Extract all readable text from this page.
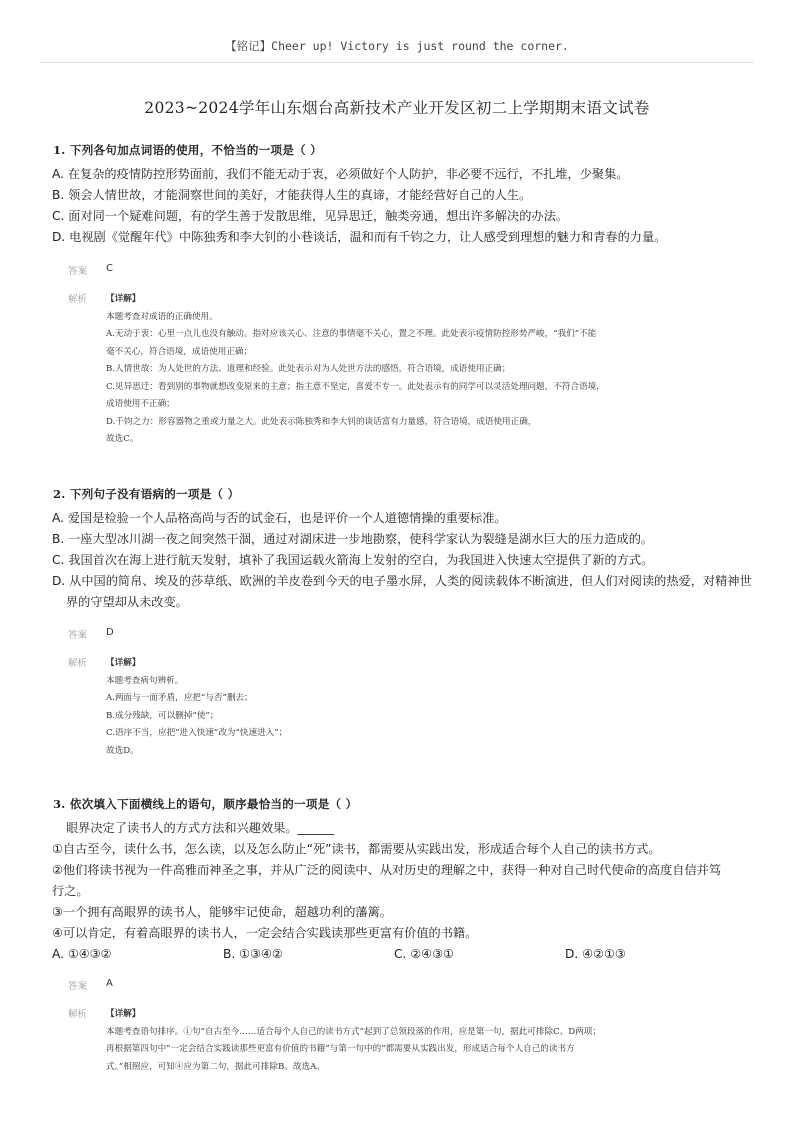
【铭记】Cheer up! Victory is just round the corner.
2023~2024学年山东烟台高新技术产业开发区初二上学期期末语文试卷
1. 下列各句加点词语的使用，不恰当的一项是（ ）
A. 在复杂的疫情防控形势面前，我们不能无动于衷，必须做好个人防护，非必要不远行，不扎堆，少聚集。
B. 领会人情世故，才能洞察世间的美好，才能获得人生的真谛，才能经营好自己的人生。
C. 面对同一个疑难问题，有的学生善于发散思维，见异思迁，触类旁通，想出许多解决的办法。
D. 电视剧《觉醒年代》中陈独秀和李大钊的小巷谈话，温和而有千钧之力，让人感受到理想的魅力和青春的力量。
答案	C
解析	【详解】
本题考查对成语的正确使用。
A.无动于衷：心里一点儿也没有触动。指对应该关心、注意的事情毫不关心，置之不理。此处表示疫情防控形势严峻，“我们”不能
毫不关心，符合语境，成语使用正确；
B.人情世故：为人处世的方法、道理和经验。此处表示对为人处世方法的感悟，符合语境，成语使用正确；
C.见异思迁：看到别的事物就想改变原来的主意；指主意不坚定，喜爱不专一。此处表示有的同学可以灵活处理问题，不符合语境，
成语使用不正确；
D.千钧之力：形容器物之重或力量之大。此处表示陈独秀和李大钊的谈话富有力量感，符合语境，成语使用正确，
故选C。
2. 下列句子没有语病的一项是（ ）
A. 爱国是检验一个人品格高尚与否的试金石，也是评价一个人道德情操的重要标准。
B. 一座大型冰川湖一夜之间突然干涸，通过对湖床进一步地勘察，使科学家认为裂缝是湖水巨大的压力造成的。
C. 我国首次在海上进行航天发射，填补了我国运载火箭海上发射的空白，为我国进入快速太空提供了新的方式。
D. 从中国的简帛、埃及的莎草纸、欧洲的羊皮卷到今天的电子墨水屏，人类的阅读载体不断演进，但人们对阅读的热爱，对精神世界的守望却从未改变。
答案	D
解析	【详解】
本题考查病句辨析。
A.两面与一面矛盾，应把“与否”删去；
B.成分残缺，可以删掉“使”；
C.语序不当，应把“进入快速”改为“快速进入”；
故选D。
3. 依次填入下面横线上的语句，顺序最恰当的一项是（ ）
眼界决定了读书人的方式方法和兴趣效果。______
①自古至今，读什么书，怎么读，以及怎么防止“死”读书，都需要从实践出发，形成适合每个人自己的读书方式。
②他们将读书视为一件高雅而神圣之事，并从广泛的阅读中、从对历史的理解之中，获得一种对自己时代使命的高度自信并笃行之。
③一个拥有高眼界的读书人，能够牢记使命，超越功利的藩篱。
④可以肯定，有着高眼界的读书人，一定会结合实践读那些更富有价值的书籍。
A. ①④③②	B. ①③④②	C. ②④③①	D. ④②①③
答案	A
解析	【详解】
本题考查语句排序。①句“自古至今……适合每个人自己的读书方式”起到了总领段落的作用，应是第一句，据此可排除C、D两项；
再根据第四句中“一定会结合实践读那些更富有价值的书籍”与第一句中的“都需要从实践出发，形成适合每个人自己的读书方
式。”相照应，可知④应为第二句，据此可排除B。故选A。
